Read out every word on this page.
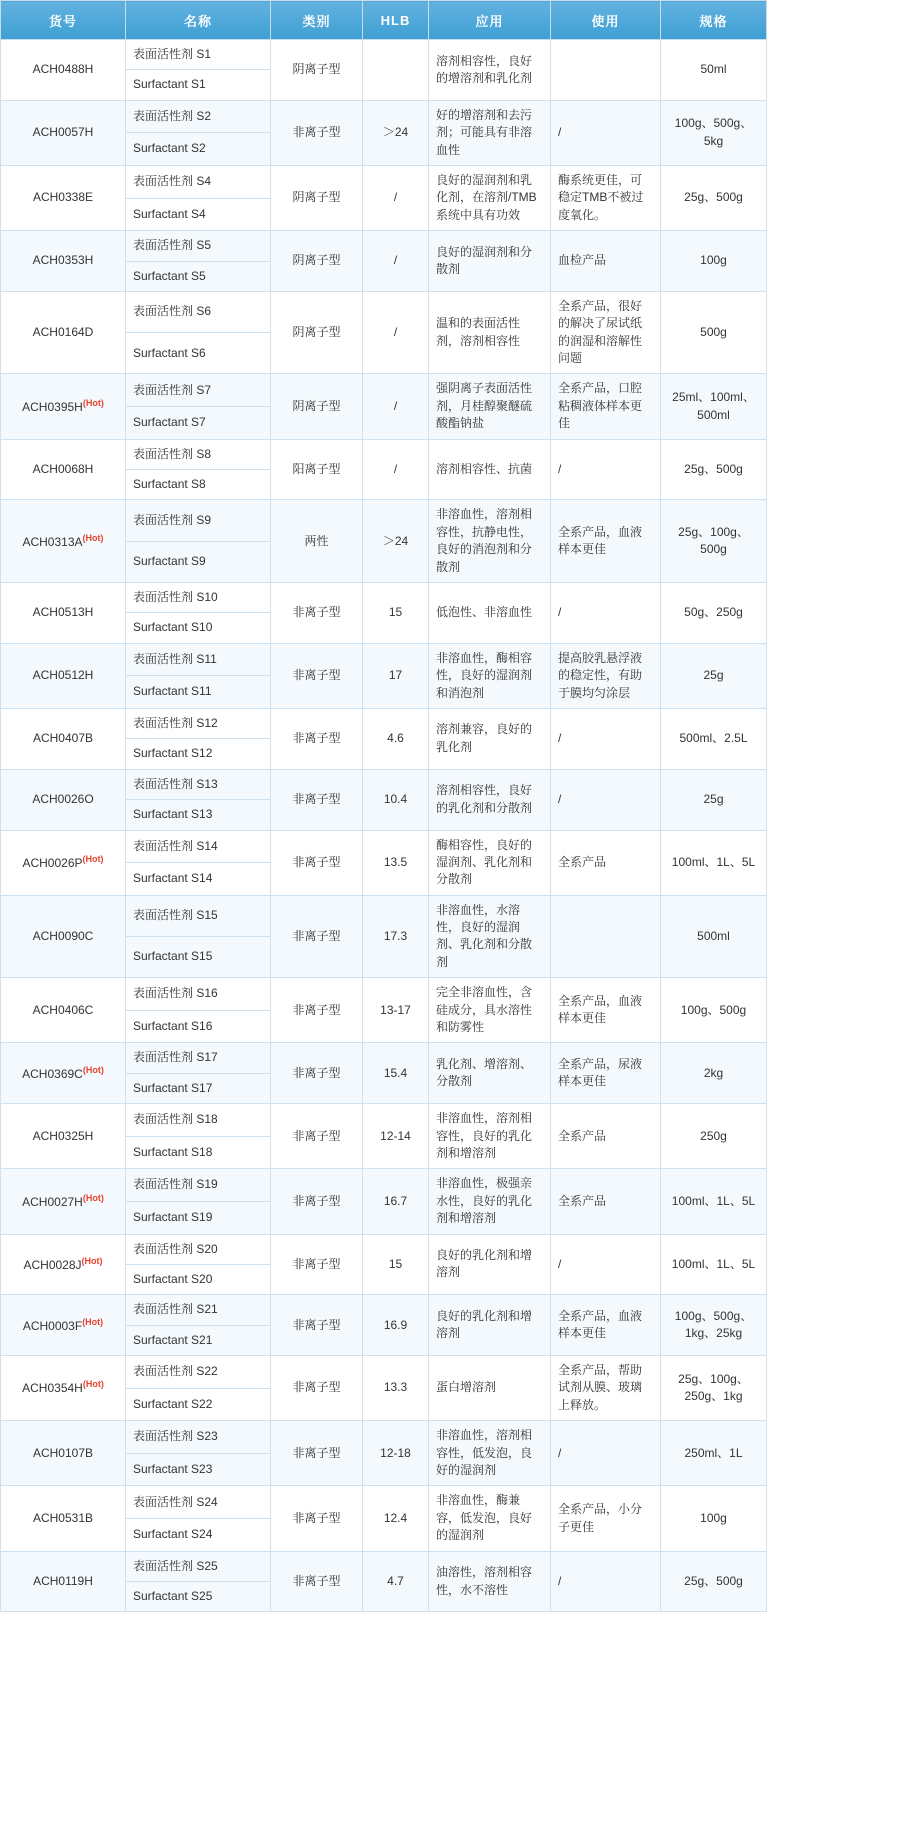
货号	名称	类别	HLB	应用	使用	规格
ACH0488H	表面活性剂 S1	阴离子型		溶剂相容性，良好的增溶剂和乳化剂		50ml
	Surfactant S1					
ACH0057H	表面活性剂 S2	非离子型	＞24	好的增溶剂和去污剂；可能具有非溶血性	/	100g、500g、5kg
	Surfactant S2					
ACH0338E	表面活性剂 S4	阴离子型	/	良好的湿润剂和乳化剂，在溶剂/TMB系统中具有功效	酶系统更佳，可稳定TMB不被过度氧化。	25g、500g
	Surfactant S4					
ACH0353H	表面活性剂 S5	阴离子型	/	良好的湿润剂和分散剂	血检产品	100g
	Surfactant S5					
ACH0164D	表面活性剂 S6	阴离子型	/	温和的表面活性剂，溶剂相容性	全系产品，很好的解决了尿试纸的润湿和溶解性问题	500g
	Surfactant S6					
$ACH0395H^{(Hot)}$	表面活性剂 S7	阴离子型	/	强阴离子表面活性剂，月桂醇聚醚硫酸酯钠盐	全系产品，口腔粘稠液体样本更佳	25ml、100ml、500ml
	Surfactant S7					
ACH0068H	表面活性剂 S8	阳离子型	/	溶剂相容性、抗菌	/	25g、500g
	Surfactant S8					
$ACH0313A^{(Hot)}$	表面活性剂 S9	两性	＞24	非溶血性，溶剂相容性，抗静电性，良好的消泡剂和分散剂	全系产品，血液样本更佳	25g、100g、500g
	Surfactant S9					
ACH0513H	表面活性剂 S10	非离子型	15	低泡性、非溶血性	/	50g、250g
	Surfactant S10					
ACH0512H	表面活性剂 S11	非离子型	17	非溶血性，酶相容性，良好的湿润剂和消泡剂	提高胶乳悬浮液的稳定性，有助于膜均匀涂层	25g
	Surfactant S11					
ACH0407B	表面活性剂 S12	非离子型	4.6	溶剂兼容，良好的乳化剂	/	500ml、2.5L
	Surfactant S12					
ACH0026O	表面活性剂 S13	非离子型	10.4	溶剂相容性，良好的乳化剂和分散剂	/	25g
	Surfactant S13					
$ACH0026P^{(Hot)}$	表面活性剂 S14	非离子型	13.5	酶相容性，良好的湿润剂、乳化剂和分散剂	全系产品	100ml、1L、5L
	Surfactant S14					
ACH0090C	表面活性剂 S15	非离子型	17.3	非溶血性，水溶性，良好的湿润剂、乳化剂和分散剂		500ml
	Surfactant S15					
ACH0406C	表面活性剂 S16	非离子型	13-17	完全非溶血性，含硅成分，具水溶性和防雾性	全系产品，血液样本更佳	100g、500g
	Surfactant S16					
$ACH0369C^{(Hot)}$	表面活性剂 S17	非离子型	15.4	乳化剂、增溶剂、分散剂	全系产品，尿液样本更佳	2kg
	Surfactant S17					
ACH0325H	表面活性剂 S18	非离子型	12-14	非溶血性，溶剂相容性，良好的乳化剂和增溶剂	全系产品	250g
	Surfactant S18					
$ACH0027H^{(Hot)}$	表面活性剂 S19	非离子型	16.7	非溶血性，极强亲水性，良好的乳化剂和增溶剂	全系产品	100ml、1L、5L
	Surfactant S19					
$ACH0028J^{(Hot)}$	表面活性剂 S20	非离子型	15	良好的乳化剂和增溶剂	/	100ml、1L、5L
	Surfactant S20					
$ACH0003F^{(Hot)}$	表面活性剂 S21	非离子型	16.9	良好的乳化剂和增溶剂	全系产品，血液样本更佳	100g、500g、1kg、25kg
	Surfactant S21					
$ACH0354H^{(Hot)}$	表面活性剂 S22	非离子型	13.3	蛋白增溶剂	全系产品，帮助试剂从膜、玻璃上释放。	25g、100g、250g、1kg
	Surfactant S22					
ACH0107B	表面活性剂 S23	非离子型	12-18	非溶血性，溶剂相容性，低发泡，良好的湿润剂	/	250ml、1L
	Surfactant S23					
ACH0531B	表面活性剂 S24	非离子型	12.4	非溶血性，酶兼容，低发泡，良好的湿润剂	全系产品，小分子更佳	100g
	Surfactant S24					
ACH0119H	表面活性剂 S25	非离子型	4.7	油溶性，溶剂相容性，水不溶性	/	25g、500g
	Surfactant S25					
